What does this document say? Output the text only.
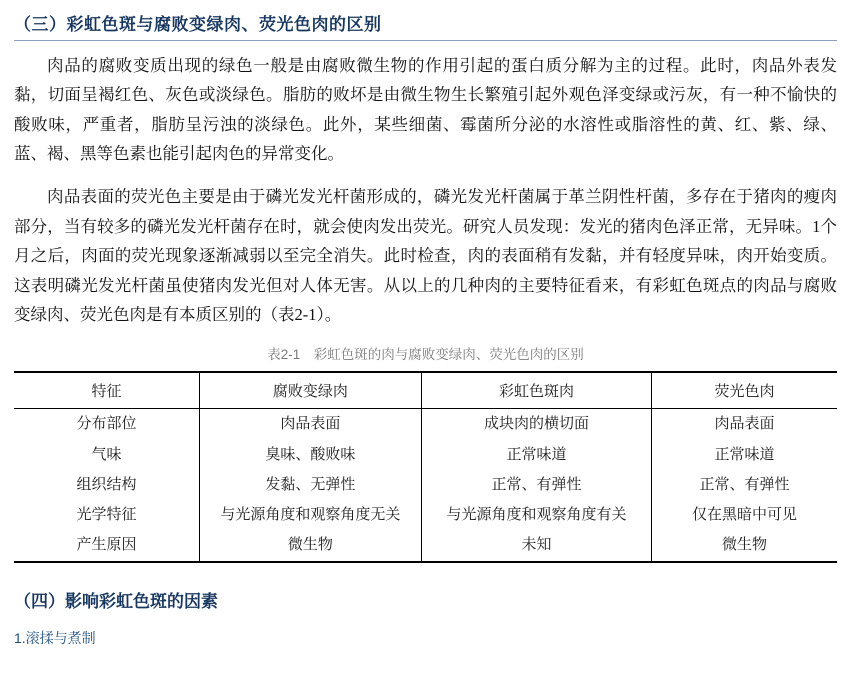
（三）彩虹色斑与腐败变绿肉、荧光色肉的区别

肉品的腐败变质出现的绿色一般是由腐败微生物的作用引起的蛋白质分解为主的过程。此时，肉品外表发黏，切面呈褐红色、灰色或淡绿色。脂肪的败坏是由微生物生长繁殖引起外观色泽变绿或污灰，有一种不愉快的酸败味，严重者，脂肪呈污浊的淡绿色。此外，某些细菌、霉菌所分泌的水溶性或脂溶性的黄、红、紫、绿、蓝、褐、黑等色素也能引起肉色的异常变化。

肉品表面的荧光色主要是由于磷光发光杆菌形成的，磷光发光杆菌属于革兰阴性杆菌，多存在于猪肉的瘦肉部分，当有较多的磷光发光杆菌存在时，就会使肉发出荧光。研究人员发现：发光的猪肉色泽正常，无异味。1个月之后，肉面的荧光现象逐渐减弱以至完全消失。此时检查，肉的表面稍有发黏，并有轻度异味，肉开始变质。这表明磷光发光杆菌虽使猪肉发光但对人体无害。从以上的几种肉的主要特征看来，有彩虹色斑点的肉品与腐败变绿肉、荧光色肉是有本质区别的（表2-1）。

表2-1　彩虹色斑的肉与腐败变绿肉、荧光色肉的区别
特征	腐败变绿肉	彩虹色斑肉	荧光色肉
分布部位	肉品表面	成块肉的横切面	肉品表面
气味	臭味、酸败味	正常味道	正常味道
组织结构	发黏、无弹性	正常、有弹性	正常、有弹性
光学特征	与光源角度和观察角度无关	与光源角度和观察角度有关	仅在黑暗中可见
产生原因	微生物	未知	微生物
（四）影响彩虹色斑的因素
1.滚揉与煮制
